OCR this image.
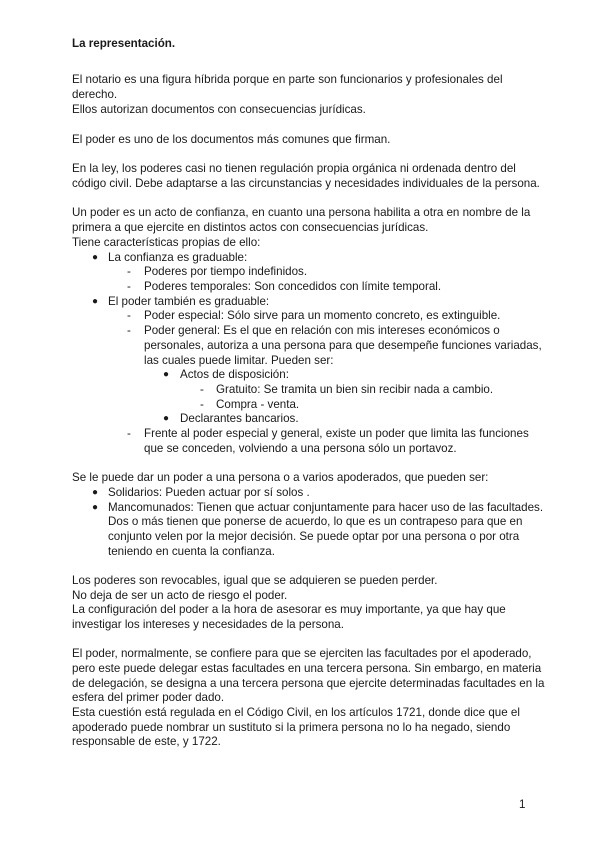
La representación.

El notario es una figura híbrida porque en parte son funcionarios y profesionales del

derecho.

Ellos autorizan documentos con consecuencias jurídicas.

El poder es uno de los documentos más comunes que firman.

En la ley, los poderes casi no tienen regulación propia orgánica ni ordenada dentro del

código civil. Debe adaptarse a las circunstancias y necesidades individuales de la persona.

Un poder es un acto de confianza, en cuanto una persona habilita a otra en nombre de la

primera a que ejercite en distintos actos con consecuencias jurídicas.

Tiene características propias de ello:

● La confianza es graduable:

- Poderes por tiempo indefinidos.

- Poderes temporales: Son concedidos con límite temporal.

● El poder también es graduable:

- Poder especial: Sólo sirve para un momento concreto, es extinguible.

- Poder general: Es el que en relación con mis intereses económicos o

personales, autoriza a una persona para que desempeñe funciones variadas,

las cuales puede limitar. Pueden ser:

● Actos de disposición:

- Gratuito: Se tramita un bien sin recibir nada a cambio.

- Compra - venta.

● Declarantes bancarios.

- Frente al poder especial y general, existe un poder que limita las funciones

que se conceden, volviendo a una persona sólo un portavoz.

Se le puede dar un poder a una persona o a varios apoderados, que pueden ser:

● Solidarios: Pueden actuar por sí solos .

● Mancomunados: Tienen que actuar conjuntamente para hacer uso de las facultades.

Dos o más tienen que ponerse de acuerdo, lo que es un contrapeso para que en

conjunto velen por la mejor decisión. Se puede optar por una persona o por otra

teniendo en cuenta la confianza.

Los poderes son revocables, igual que se adquieren se pueden perder.

No deja de ser un acto de riesgo el poder.

La configuración del poder a la hora de asesorar es muy importante, ya que hay que

investigar los intereses y necesidades de la persona.

El poder, normalmente, se confiere para que se ejerciten las facultades por el apoderado,

pero este puede delegar estas facultades en una tercera persona. Sin embargo, en materia

de delegación, se designa a una tercera persona que ejercite determinadas facultades en la

esfera del primer poder dado.

Esta cuestión está regulada en el Código Civil, en los artículos 1721, donde dice que el

apoderado puede nombrar un sustituto si la primera persona no lo ha negado, siendo

responsable de este, y 1722.

1
